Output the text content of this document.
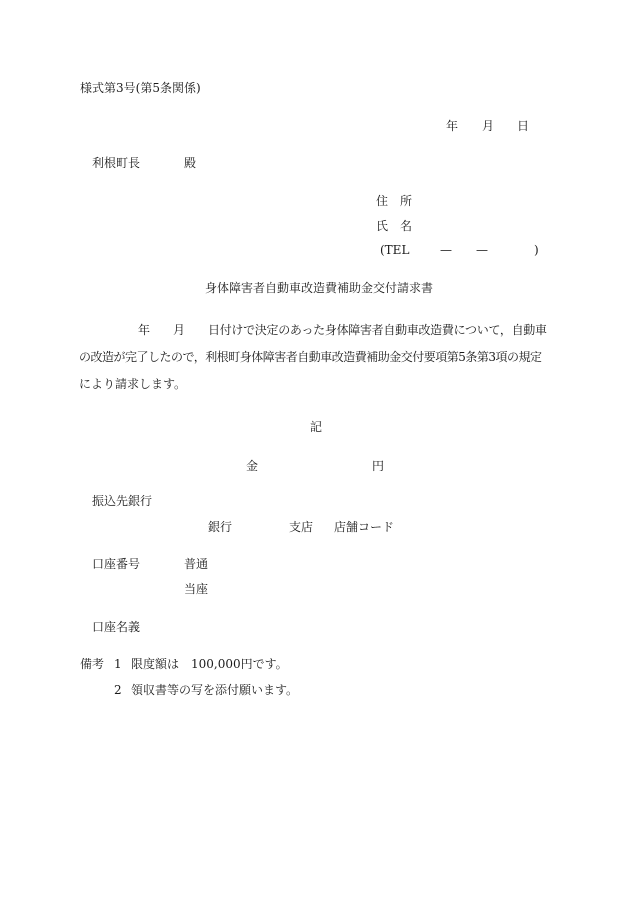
様式第3号(第5条関係)
年 月 日
利根町長	殿
住　所
氏　名
(TEL	— —	)
身体障害者自動車改造費補助金交付請求書
年 月 日付けで決定のあった身体障害者自動車改造費について，自動車
の改造が完了したので，利根町身体障害者自動車改造費補助金交付要項第5条第3項の規定
により請求します。
記
金	円
振込先銀行
銀行	支店 店舗コード
口座番号	普通
当座
口座名義
備考 1 限度額は　100,000円です。
2 領収書等の写を添付願います。
